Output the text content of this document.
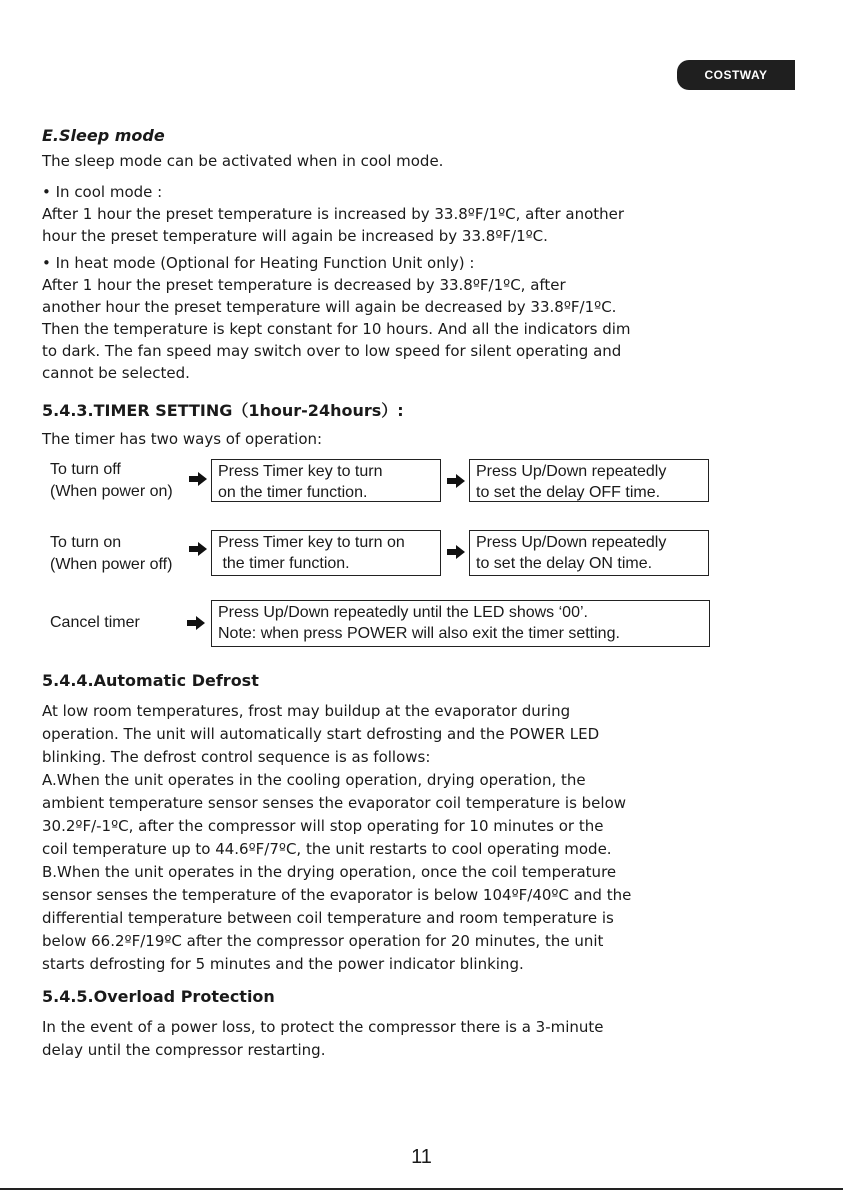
COSTWAY
E.Sleep mode
The sleep mode can be activated when in cool mode.
• In cool mode :
After 1 hour the preset temperature is increased by 33.8ºF/1ºC, after another
hour the preset temperature will again be increased by 33.8ºF/1ºC.
• In heat mode (Optional for Heating Function Unit only) :
After 1 hour the preset temperature is decreased by 33.8ºF/1ºC, after
another hour the preset temperature will again be decreased by 33.8ºF/1ºC.
Then the temperature is kept constant for 10 hours. And all the indicators dim
to dark. The fan speed may switch over to low speed for silent operating and
cannot be selected.
5.4.3.TIMER SETTING（1hour-24hours）:
The timer has two ways of operation:
To turn off
(When power on)
Press Timer key to turn
on the timer function.
Press Up/Down repeatedly
to set the delay OFF time.
To turn on
(When power off)
Press Timer key to turn on
the timer function.
Press Up/Down repeatedly
to set the delay ON time.
Cancel timer
Press Up/Down repeatedly until the LED shows ‘00’.
Note: when press POWER will also exit the timer setting.
5.4.4.Automatic Defrost
At low room temperatures, frost may buildup at the evaporator during
operation. The unit will automatically start defrosting and the POWER LED
blinking. The defrost control sequence is as follows:
A.When the unit operates in the cooling operation, drying operation, the
ambient temperature sensor senses the evaporator coil temperature is below
30.2ºF/-1ºC, after the compressor will stop operating for 10 minutes or the
coil temperature up to 44.6ºF/7ºC, the unit restarts to cool operating mode.
B.When the unit operates in the drying operation, once the coil temperature
sensor senses the temperature of the evaporator is below 104ºF/40ºC and the
differential temperature between coil temperature and room temperature is
below 66.2ºF/19ºC after the compressor operation for 20 minutes, the unit
starts defrosting for 5 minutes and the power indicator blinking.
5.4.5.Overload Protection
In the event of a power loss, to protect the compressor there is a 3-minute
delay until the compressor restarting.
11
